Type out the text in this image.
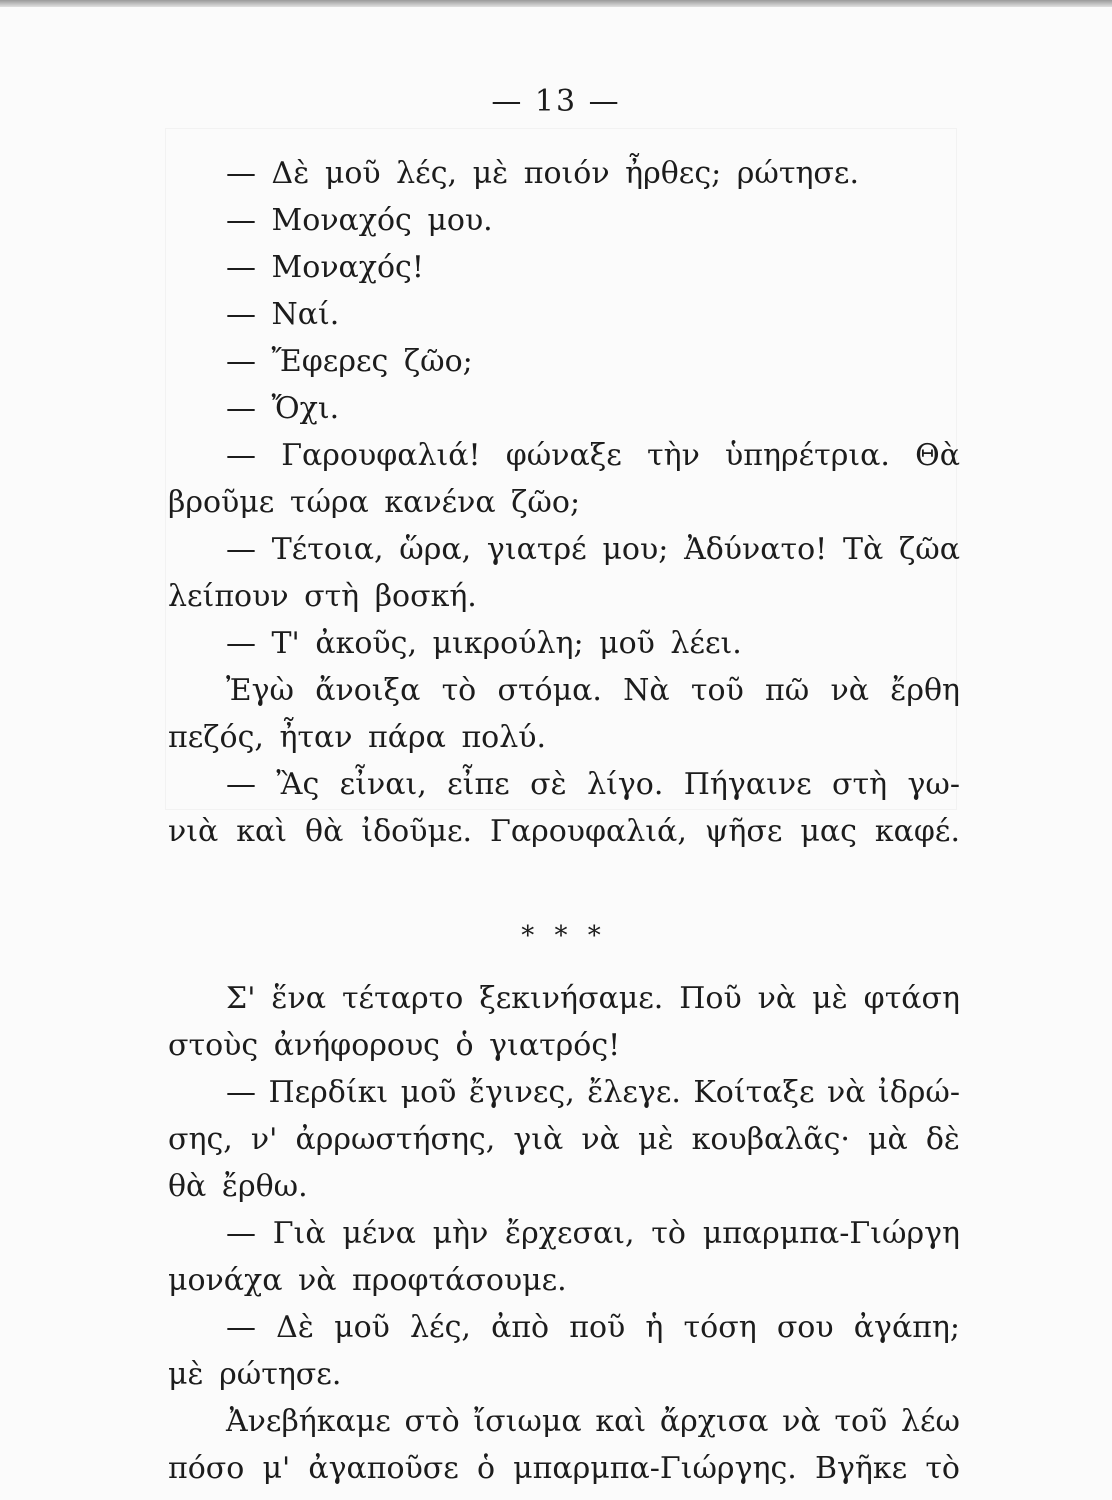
— 13 —
— Δὲ μοῦ λές, μὲ ποιόν ἦρθες; ρώτησε.
— Μοναχός μου.
— Μοναχός!
— Ναί.
— Ἔφερες ζῶο;
— Ὄχι.
— Γαρουφαλιά! φώναξε τὴν ὑπηρέτρια. Θὰ
βροῦμε τώρα κανένα ζῶο;
— Τέτοια, ὥρα, γιατρέ μου; Ἀδύνατο! Τὰ ζῶα
λείπουν στὴ βοσκή.
— Τ' ἀκοῦς, μικρούλη; μοῦ λέει.
Ἐγὼ ἄνοιξα τὸ στόμα. Νὰ τοῦ πῶ νὰ ἔρθη
πεζός, ἦταν πάρα πολύ.
— Ἂς εἶναι, εἶπε σὲ λίγο. Πήγαινε στὴ γω-
νιὰ καὶ θὰ ἰδοῦμε. Γαρουφαλιά, ψῆσε μας καφέ.
* * *
Σ' ἕνα τέταρτο ξεκινήσαμε. Ποῦ νὰ μὲ φτάση
στοὺς ἀνήφορους ὁ γιατρός!
— Περδίκι μοῦ ἔγινες, ἔλεγε. Κοίταξε νὰ ἰδρώ-
σης, ν' ἀρρωστήσης, γιὰ νὰ μὲ κουβαλᾶς· μὰ δὲ
θὰ ἔρθω.
— Γιὰ μένα μὴν ἔρχεσαι, τὸ μπαρμπα-Γιώργη
μονάχα νὰ προφτάσουμε.
— Δὲ μοῦ λές, ἀπὸ ποῦ ἡ τόση σου ἀγάπη;
μὲ ρώτησε.
Ἀνεβήκαμε στὸ ἴσιωμα καὶ ἄρχισα νὰ τοῦ λέω
πόσο μ' ἀγαποῦσε ὁ μπαρμπα-Γιώργης. Βγῆκε τὸ
